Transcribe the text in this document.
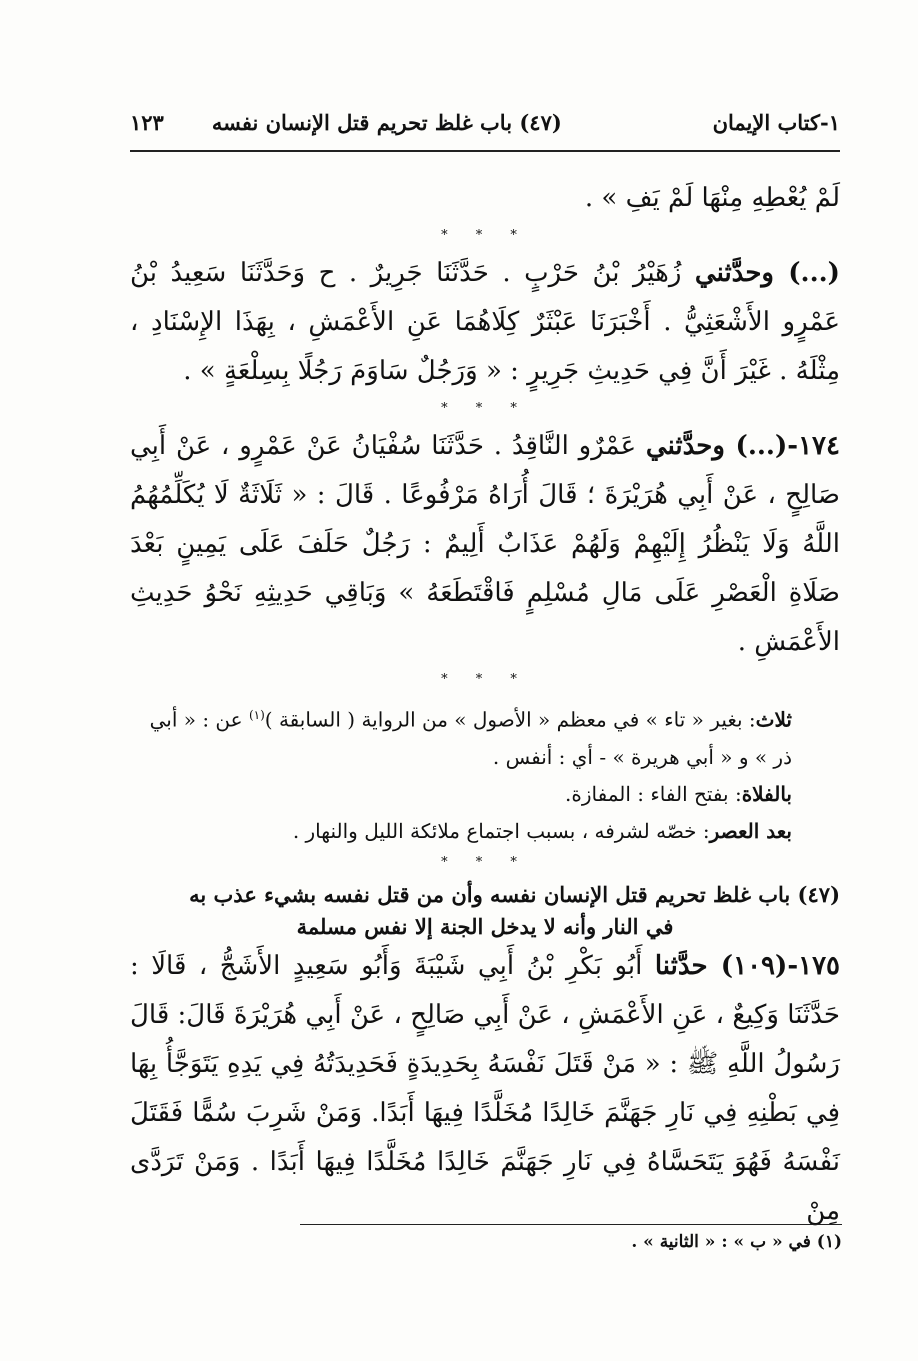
١-كتاب الإيمان
(٤٧) باب غلظ تحريم قتل الإنسان نفسه
١٢٣

لَمْ يُعْطِهِ مِنْهَا لَمْ يَفِ » .

* * *

(...) وحدَّثني زُهَيْرُ بْنُ حَرْبٍ . حَدَّثَنَا جَرِيرٌ . ح وَحَدَّثَنَا سَعِيدُ بْنُ عَمْرٍو الأَشْعَثِيُّ . أَخْبَرَنَا عَبْثَرٌ كِلَاهُمَا عَنِ الأَعْمَشِ ، بِهَذَا الإِسْنَادِ ، مِثْلَهُ . غَيْرَ أَنَّ فِي حَدِيثِ جَرِيرٍ : « وَرَجُلٌ سَاوَمَ رَجُلًا بِسِلْعَةٍ » .

* * *

١٧٤-(...) وحدَّثني عَمْرٌو النَّاقِدُ . حَدَّثَنَا سُفْيَانُ عَنْ عَمْرٍو ، عَنْ أَبِي صَالِحٍ ، عَنْ أَبِي هُرَيْرَةَ ؛ قَالَ أُرَاهُ مَرْفُوعًا . قَالَ : « ثَلَاثَةٌ لَا يُكَلِّمُهُمُ اللَّهُ وَلَا يَنْظُرُ إِلَيْهِمْ وَلَهُمْ عَذَابٌ أَلِيمٌ : رَجُلٌ حَلَفَ عَلَى يَمِينٍ بَعْدَ صَلَاةِ الْعَصْرِ عَلَى مَالِ مُسْلِمٍ فَاقْتَطَعَهُ » وَبَاقِي حَدِيثِهِ نَحْوُ حَدِيثِ الأَعْمَشِ .

* * *

ثلاث: بغير « تاء » في معظم « الأصول » من الرواية ( السابقة )$^{(١)}$ عن : « أبي ذر » و « أبي هريرة » - أي : أنفس .

بالفلاة: بفتح الفاء : المفازة.

بعد العصر: خصّه لشرفه ، بسبب اجتماع ملائكة الليل والنهار .

* * *

(٤٧) باب غلظ تحريم قتل الإنسان نفسه وأن من قتل نفسه بشيء عذب به

في النار وأنه لا يدخل الجنة إلا نفس مسلمة

١٧٥-(١٠٩) حدَّثنا أَبُو بَكْرِ بْنُ أَبِي شَيْبَةَ وَأَبُو سَعِيدٍ الأَشَجُّ ، قَالَا : حَدَّثَنَا وَكِيعٌ ، عَنِ الأَعْمَشِ ، عَنْ أَبِي صَالِحٍ ، عَنْ أَبِي هُرَيْرَةَ قَالَ: قَالَ رَسُولُ اللَّهِ ﷺ : « مَنْ قَتَلَ نَفْسَهُ بِحَدِيدَةٍ فَحَدِيدَتُهُ فِي يَدِهِ يَتَوَجَّأُ بِهَا فِي بَطْنِهِ فِي نَارِ جَهَنَّمَ خَالِدًا مُخَلَّدًا فِيهَا أَبَدًا. وَمَنْ شَرِبَ سُمًّا فَقَتَلَ نَفْسَهُ فَهُوَ يَتَحَسَّاهُ فِي نَارِ جَهَنَّمَ خَالِدًا مُخَلَّدًا فِيهَا أَبَدًا . وَمَنْ تَرَدَّى مِنْ

(١) في « ب » : « الثانية » .
